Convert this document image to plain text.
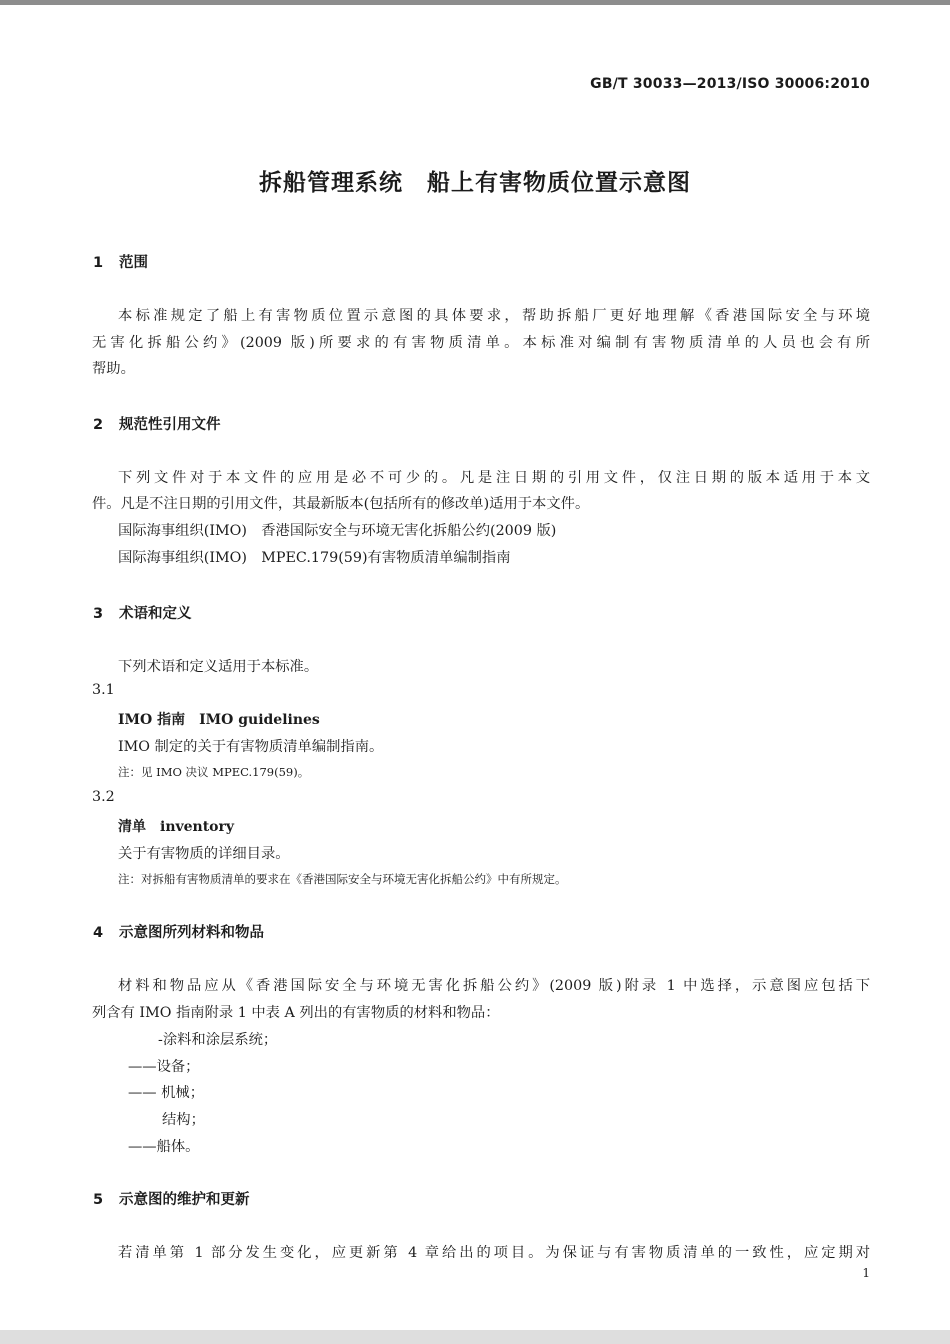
GB/T 30033—2013/ISO 30006:2010
拆船管理系统　船上有害物质位置示意图
1 范围
本标准规定了船上有害物质位置示意图的具体要求，帮助拆船厂更好地理解《香港国际安全与环境
无害化拆船公约》(2009 版)所要求的有害物质清单。本标准对编制有害物质清单的人员也会有所
帮助。
2 规范性引用文件
下列文件对于本文件的应用是必不可少的。凡是注日期的引用文件，仅注日期的版本适用于本文
件。凡是不注日期的引用文件，其最新版本(包括所有的修改单)适用于本文件。
国际海事组织(IMO)　香港国际安全与环境无害化拆船公约(2009 版)
国际海事组织(IMO)　MPEC.179(59)有害物质清单编制指南
3 术语和定义
下列术语和定义适用于本标准。
3.1
IMO 指南　IMO guidelines
IMO 制定的关于有害物质清单编制指南。
注：见 IMO 决议 MPEC.179(59)。
3.2
清单　inventory
关于有害物质的详细目录。
注：对拆船有害物质清单的要求在《香港国际安全与环境无害化拆船公约》中有所规定。
4 示意图所列材料和物品
材料和物品应从《香港国际安全与环境无害化拆船公约》(2009 版)附录 1 中选择，示意图应包括下
列含有 IMO 指南附录 1 中表 A 列出的有害物质的材料和物品：
-涂料和涂层系统；
——设备；
—— 机械；
结构；
——船体。
5 示意图的维护和更新
若清单第 1 部分发生变化，应更新第 4 章给出的项目。为保证与有害物质清单的一致性，应定期对
1
